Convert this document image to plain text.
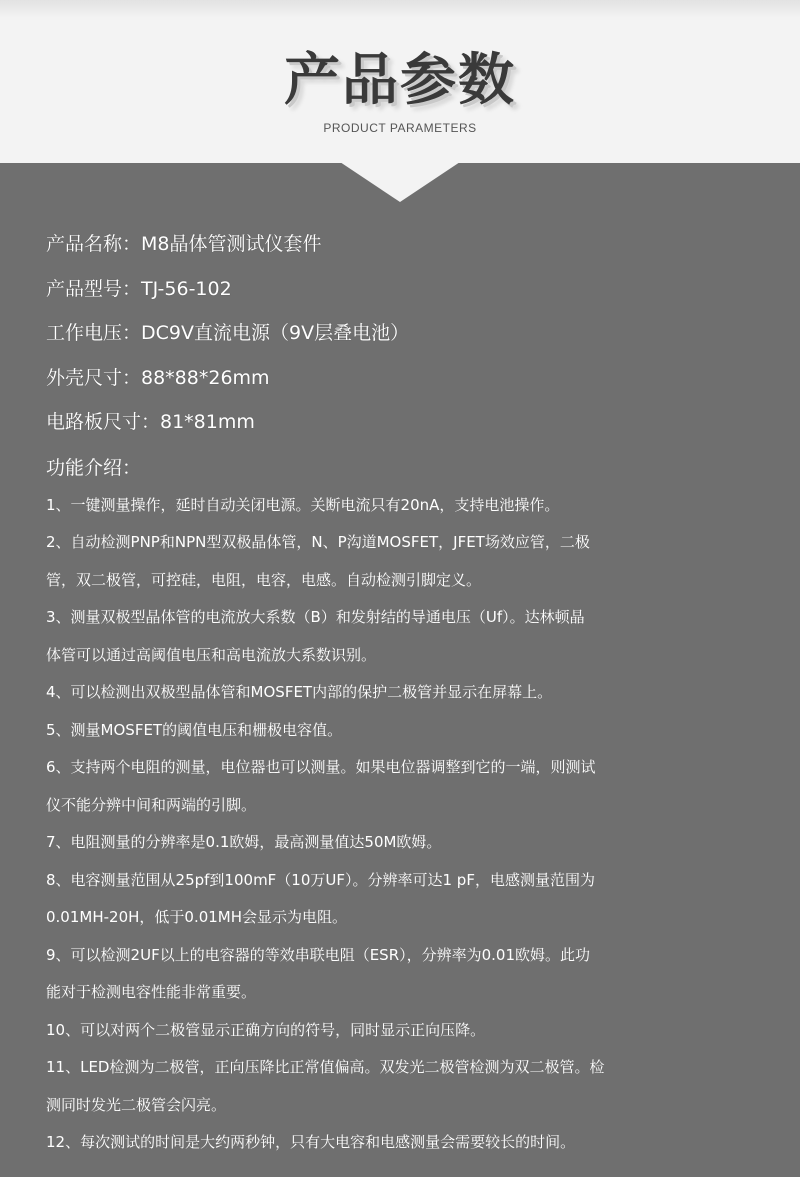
产品参数
PRODUCT PARAMETERS
产品名称：M8晶体管测试仪套件
产品型号：TJ-56-102
工作电压：DC9V直流电源（9V层叠电池）
外壳尺寸：88*88*26mm
电路板尺寸：81*81mm
功能介绍：
1、一键测量操作，延时自动关闭电源。关断电流只有20nA，支持电池操作。
2、自动检测PNP和NPN型双极晶体管，N、P沟道MOSFET，JFET场效应管，二极
管，双二极管，可控硅，电阻，电容，电感。自动检测引脚定义。
3、测量双极型晶体管的电流放大系数（B）和发射结的导通电压（Uf）。达林顿晶
体管可以通过高阈值电压和高电流放大系数识别。
4、可以检测出双极型晶体管和MOSFET内部的保护二极管并显示在屏幕上。
5、测量MOSFET的阈值电压和栅极电容值。
6、支持两个电阻的测量，电位器也可以测量。如果电位器调整到它的一端，则测试
仪不能分辨中间和两端的引脚。
7、电阻测量的分辨率是0.1欧姆，最高测量值达50M欧姆。
8、电容测量范围从25pf到100mF（10万UF）。分辨率可达1 pF，电感测量范围为
0.01MH-20H，低于0.01MH会显示为电阻。
9、可以检测2UF以上的电容器的等效串联电阻（ESR），分辨率为0.01欧姆。此功
能对于检测电容性能非常重要。
10、可以对两个二极管显示正确方向的符号，同时显示正向压降。
11、LED检测为二极管，正向压降比正常值偏高。双发光二极管检测为双二极管。检
测同时发光二极管会闪亮。
12、每次测试的时间是大约两秒钟，只有大电容和电感测量会需要较长的时间。
